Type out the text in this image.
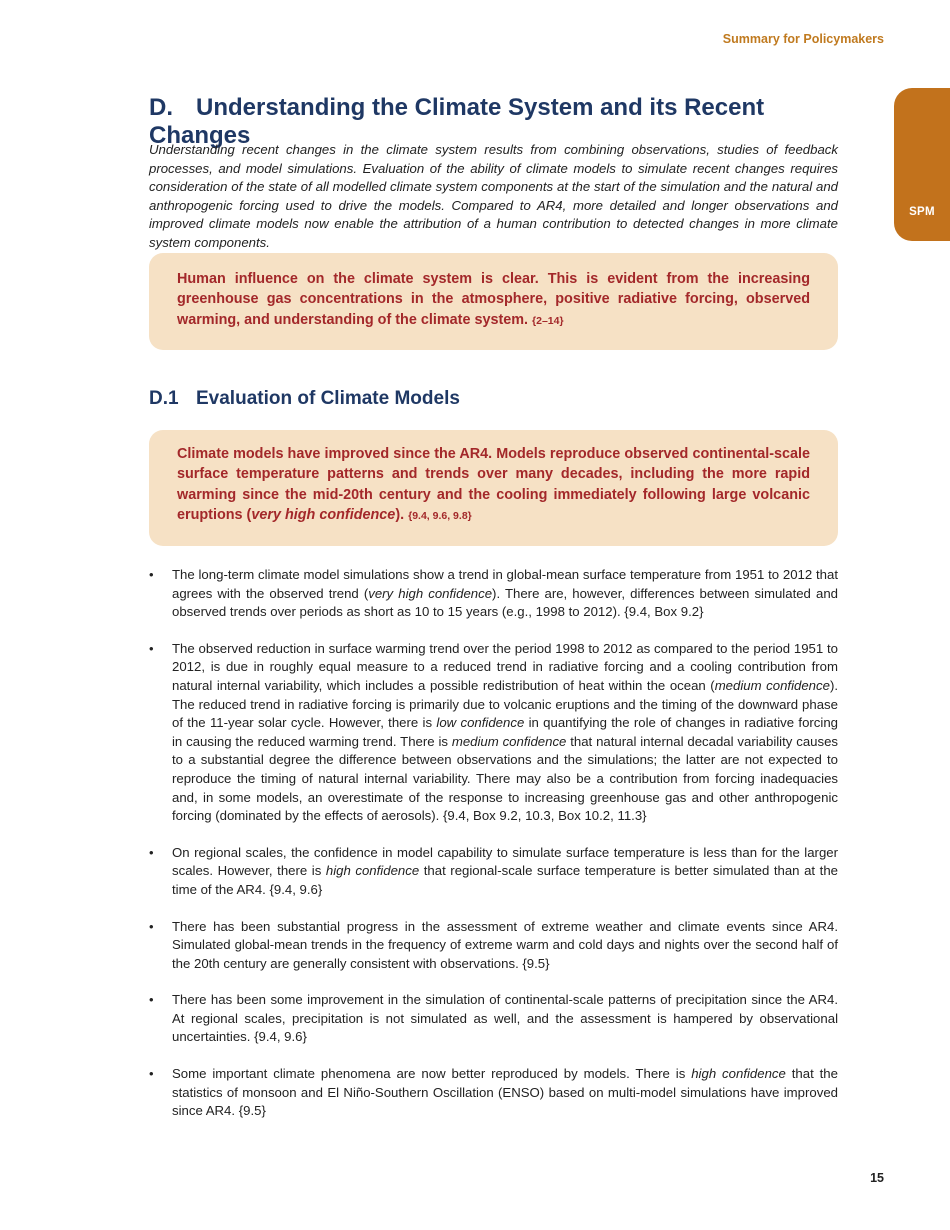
Summary for Policymakers
SPM
D. Understanding the Climate System and its Recent Changes

Understanding recent changes in the climate system results from combining observations, studies of feedback processes, and model simulations. Evaluation of the ability of climate models to simulate recent changes requires consideration of the state of all modelled climate system components at the start of the simulation and the natural and anthropogenic forcing used to drive the models. Compared to AR4, more detailed and longer observations and improved climate models now enable the attribution of a human contribution to detected changes in more climate system components.

Human influence on the climate system is clear. This is evident from the increasing greenhouse gas concentrations in the atmosphere, positive radiative forcing, observed warming, and understanding of the climate system. {2–14}

D.1 Evaluation of Climate Models

Climate models have improved since the AR4. Models reproduce observed continental-scale surface temperature patterns and trends over many decades, including the more rapid warming since the mid-20th century and the cooling immediately following large volcanic eruptions (very high confidence). {9.4, 9.6, 9.8}

• The long-term climate model simulations show a trend in global-mean surface temperature from 1951 to 2012 that agrees with the observed trend (very high confidence). There are, however, differences between simulated and observed trends over periods as short as 10 to 15 years (e.g., 1998 to 2012). {9.4, Box 9.2}
• The observed reduction in surface warming trend over the period 1998 to 2012 as compared to the period 1951 to 2012, is due in roughly equal measure to a reduced trend in radiative forcing and a cooling contribution from natural internal variability, which includes a possible redistribution of heat within the ocean (medium confidence). The reduced trend in radiative forcing is primarily due to volcanic eruptions and the timing of the downward phase of the 11-year solar cycle. However, there is low confidence in quantifying the role of changes in radiative forcing in causing the reduced warming trend. There is medium confidence that natural internal decadal variability causes to a substantial degree the difference between observations and the simulations; the latter are not expected to reproduce the timing of natural internal variability. There may also be a contribution from forcing inadequacies and, in some models, an overestimate of the response to increasing greenhouse gas and other anthropogenic forcing (dominated by the effects of aerosols). {9.4, Box 9.2, 10.3, Box 10.2, 11.3}
• On regional scales, the confidence in model capability to simulate surface temperature is less than for the larger scales. However, there is high confidence that regional-scale surface temperature is better simulated than at the time of the AR4. {9.4, 9.6}
• There has been substantial progress in the assessment of extreme weather and climate events since AR4. Simulated global-mean trends in the frequency of extreme warm and cold days and nights over the second half of the 20th century are generally consistent with observations. {9.5}
• There has been some improvement in the simulation of continental-scale patterns of precipitation since the AR4. At regional scales, precipitation is not simulated as well, and the assessment is hampered by observational uncertainties. {9.4, 9.6}
• Some important climate phenomena are now better reproduced by models. There is high confidence that the statistics of monsoon and El Niño-Southern Oscillation (ENSO) based on multi-model simulations have improved since AR4. {9.5}
15
